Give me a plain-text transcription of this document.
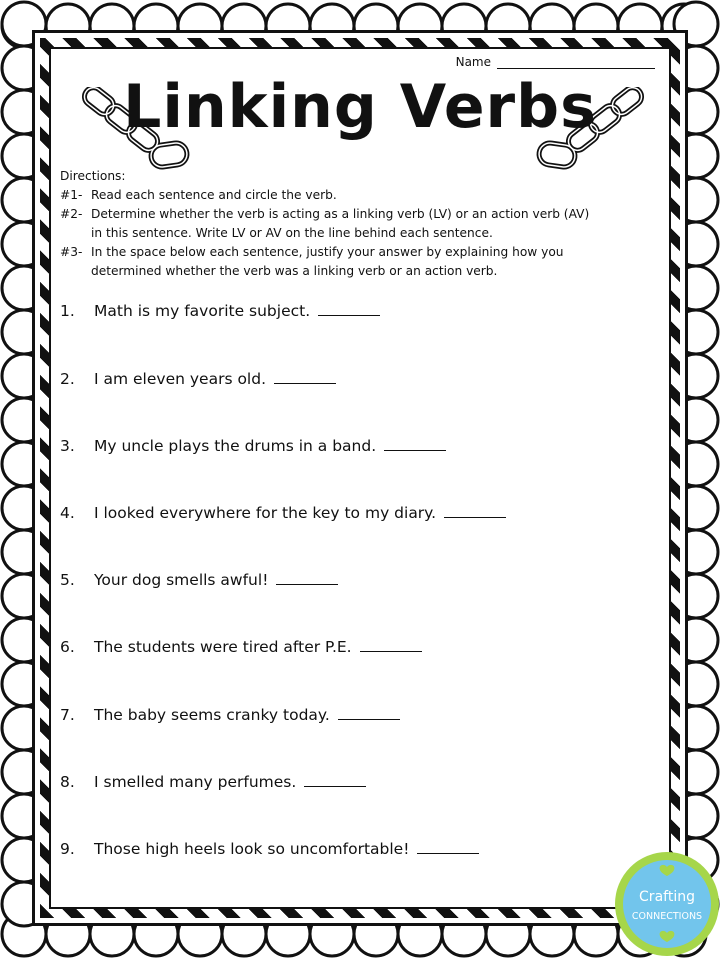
Name
Linking Verbs
Directions:
#1- Read each sentence and circle the verb.
#2- Determine whether the verb is acting as a linking verb (LV) or an action verb (AV)
in this sentence. Write LV or AV on the line behind each sentence.
#3- In the space below each sentence, justify your answer by explaining how you
determined whether the verb was a linking verb or an action verb.
1. Math is my favorite subject.
2. I am eleven years old.
3. My uncle plays the drums in a band.
4. I looked everywhere for the key to my diary.
5. Your dog smells awful!
6. The students were tired after P.E.
7. The baby seems cranky today.
8. I smelled many perfumes.
9. Those high heels look so uncomfortable!
Crafting
CONNECTIONS
